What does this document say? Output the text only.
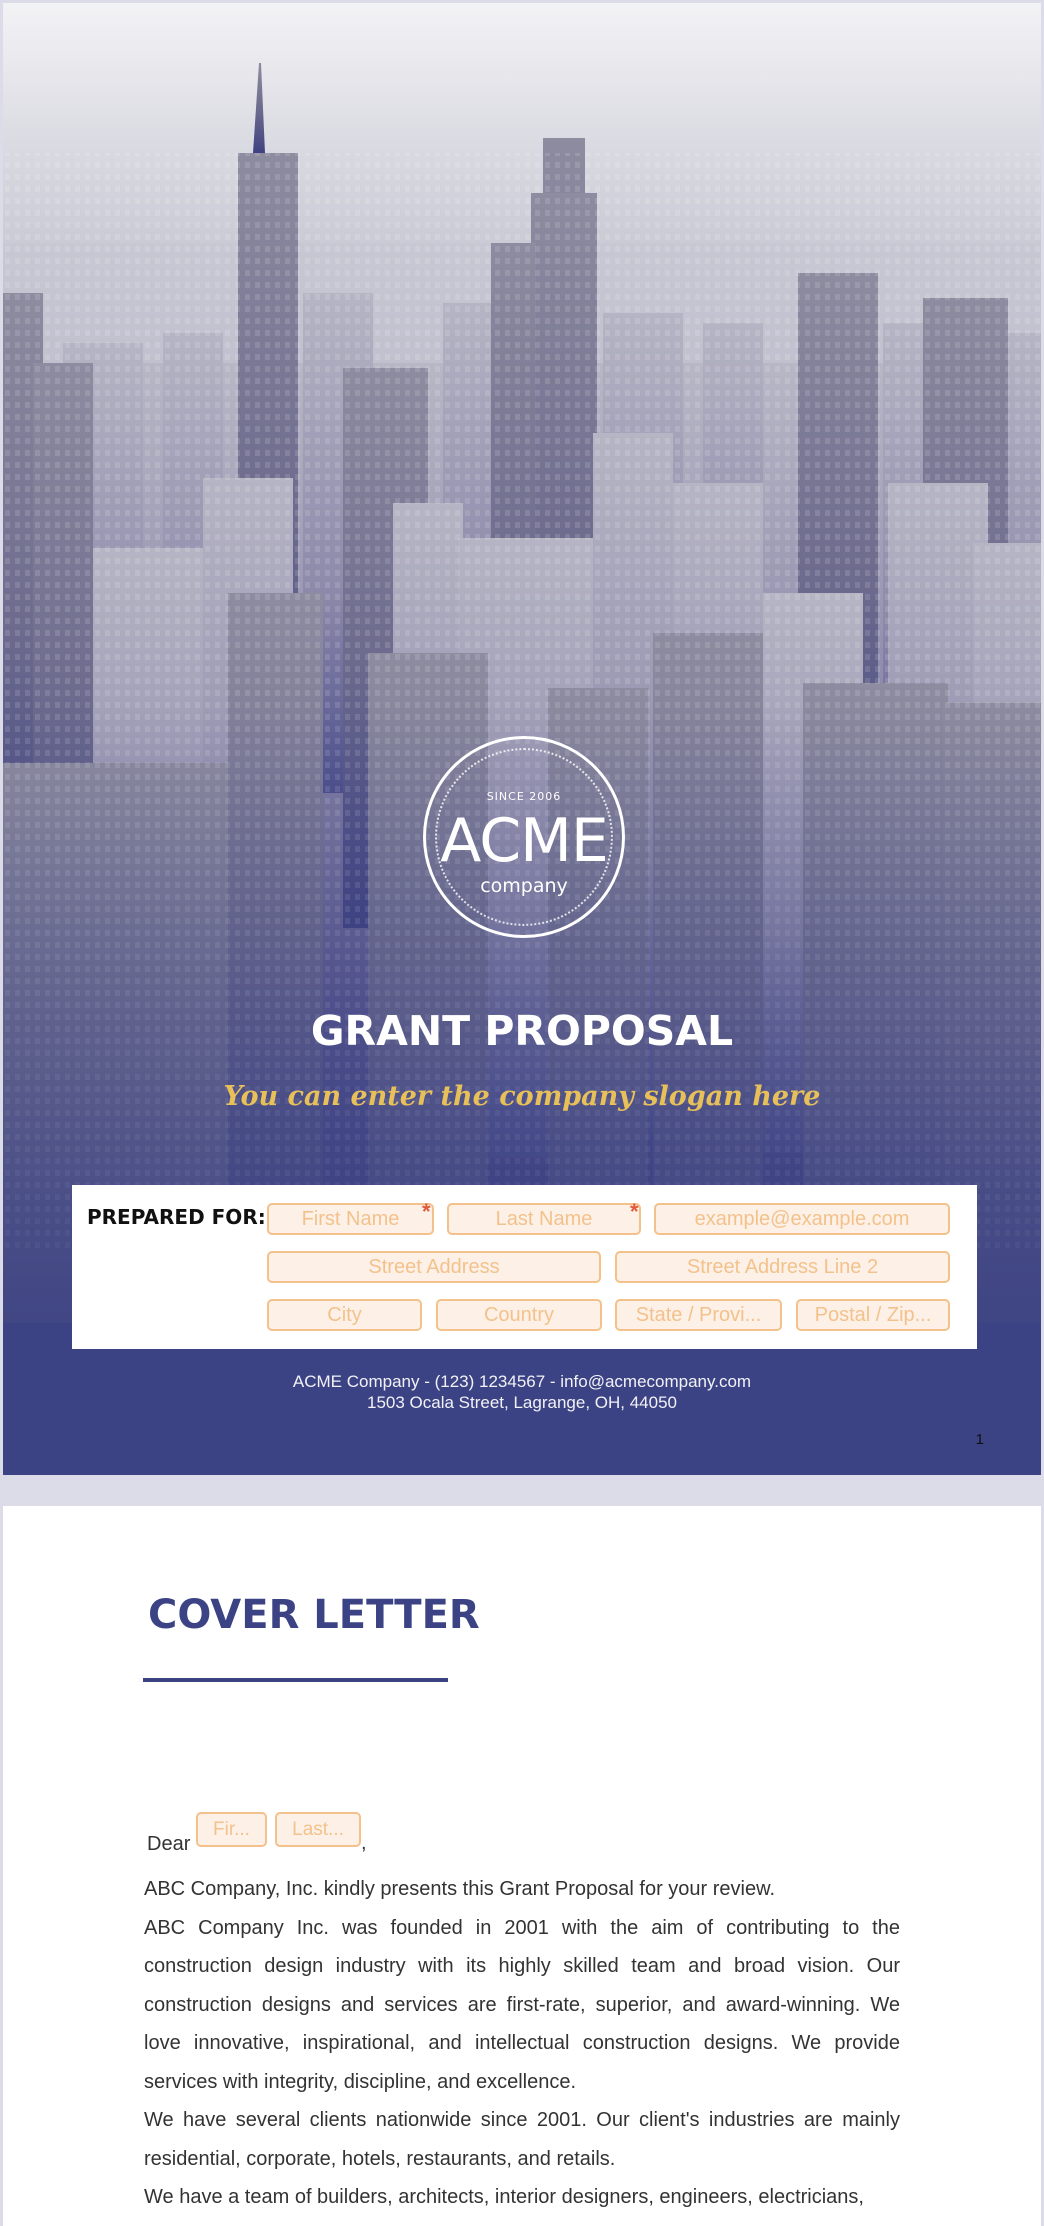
SINCE 2006
ACME
company
GRANT PROPOSAL
You can enter the company slogan here
PREPARED FOR:	First Name	*	Last Name	*	example@example.com
Street Address	Street Address Line 2
City	Country	State / Provi...	Postal / Zip...
ACME Company - (123) 1234567 - info@acmecompany.com
1503 Ocala Street, Lagrange, OH, 44050
1
COVER LETTER
Dear
Fir...	Last...
,

ABC Company, Inc. kindly presents this Grant Proposal for your review.

ABC Company Inc. was founded in 2001 with the aim of contributing to the construction design industry with its highly skilled team and broad vision. Our construction designs and services are first-rate, superior, and award-winning. We love innovative, inspirational, and intellectual construction designs. We provide services with integrity, discipline, and excellence.

We have several clients nationwide since 2001. Our client's industries are mainly residential, corporate, hotels, restaurants, and retails.

We have a team of builders, architects, interior designers, engineers, electricians,
